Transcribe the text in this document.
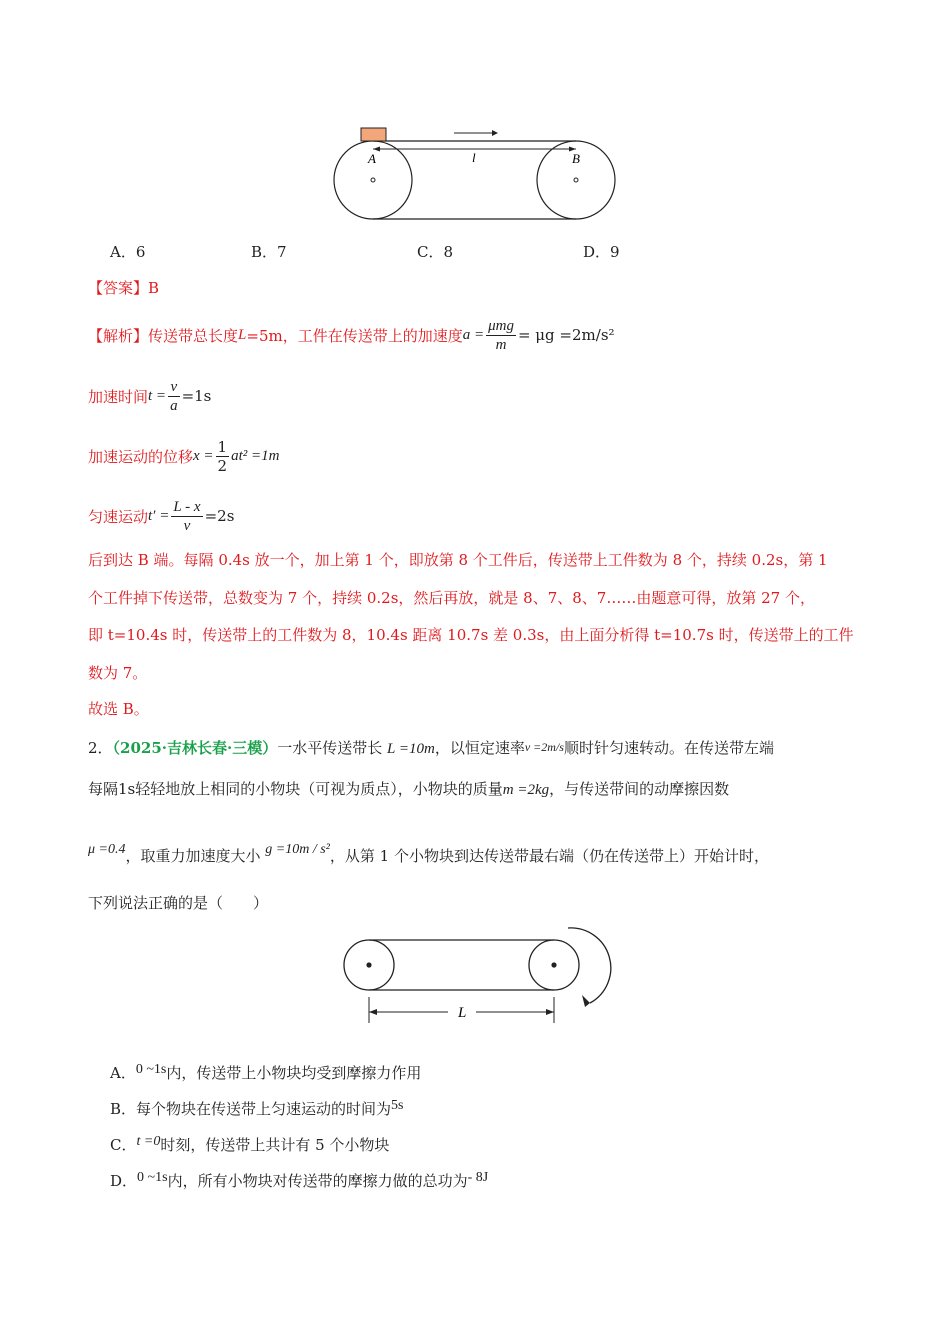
A	l	B
A．6	B．7	C．8	D．9
【答案】B
【解析】 传送带总长度 L =5m，工件在传送带上的加速度 $a = \frac{\text{μmg}}{m} = \mu g =2m/s^2$
加速时间 $t = \frac{v}{a} =1s$
加速运动的位移 $x = \frac{1}{2} at^2 =1m$
匀速运动 $t' = \frac{L - x}{v} =2s$
后到达 B 端。每隔 0.4s 放一个，加上第 1 个，即放第 8 个工件后，传送带上工件数为 8 个，持续 0.2s，第 1
个工件掉下传送带，总数变为 7 个，持续 0.2s，然后再放，就是 8、7、8、7……由题意可得，放第 27 个，
即 t=10.4s 时，传送带上的工件数为 8，10.4s 距离 10.7s 差 0.3s，由上面分析得 t=10.7s 时，传送带上的工件
数为 7。
故选 B。
2．（2025·吉林长春·三模）一水平传送带长 L =10m，以恒定速率v =2m/s顺时针匀速转动。在传送带左端
每隔1s轻轻地放上相同的小物块（可视为质点），小物块的质量m =2kg，与传送带间的动摩擦因数
μ =0.4，取重力加速度大小 g =10m / s²，从第 1 个小物块到达传送带最右端（仍在传送带上）开始计时，
下列说法正确的是（　　）
L
A．0 ~1s内，传送带上小物块均受到摩擦力作用
B．每个物块在传送带上匀速运动的时间为5s
C．t =0时刻，传送带上共计有 5 个小物块
D．0 ~1s内，所有小物块对传送带的摩擦力做的总功为- 8J
